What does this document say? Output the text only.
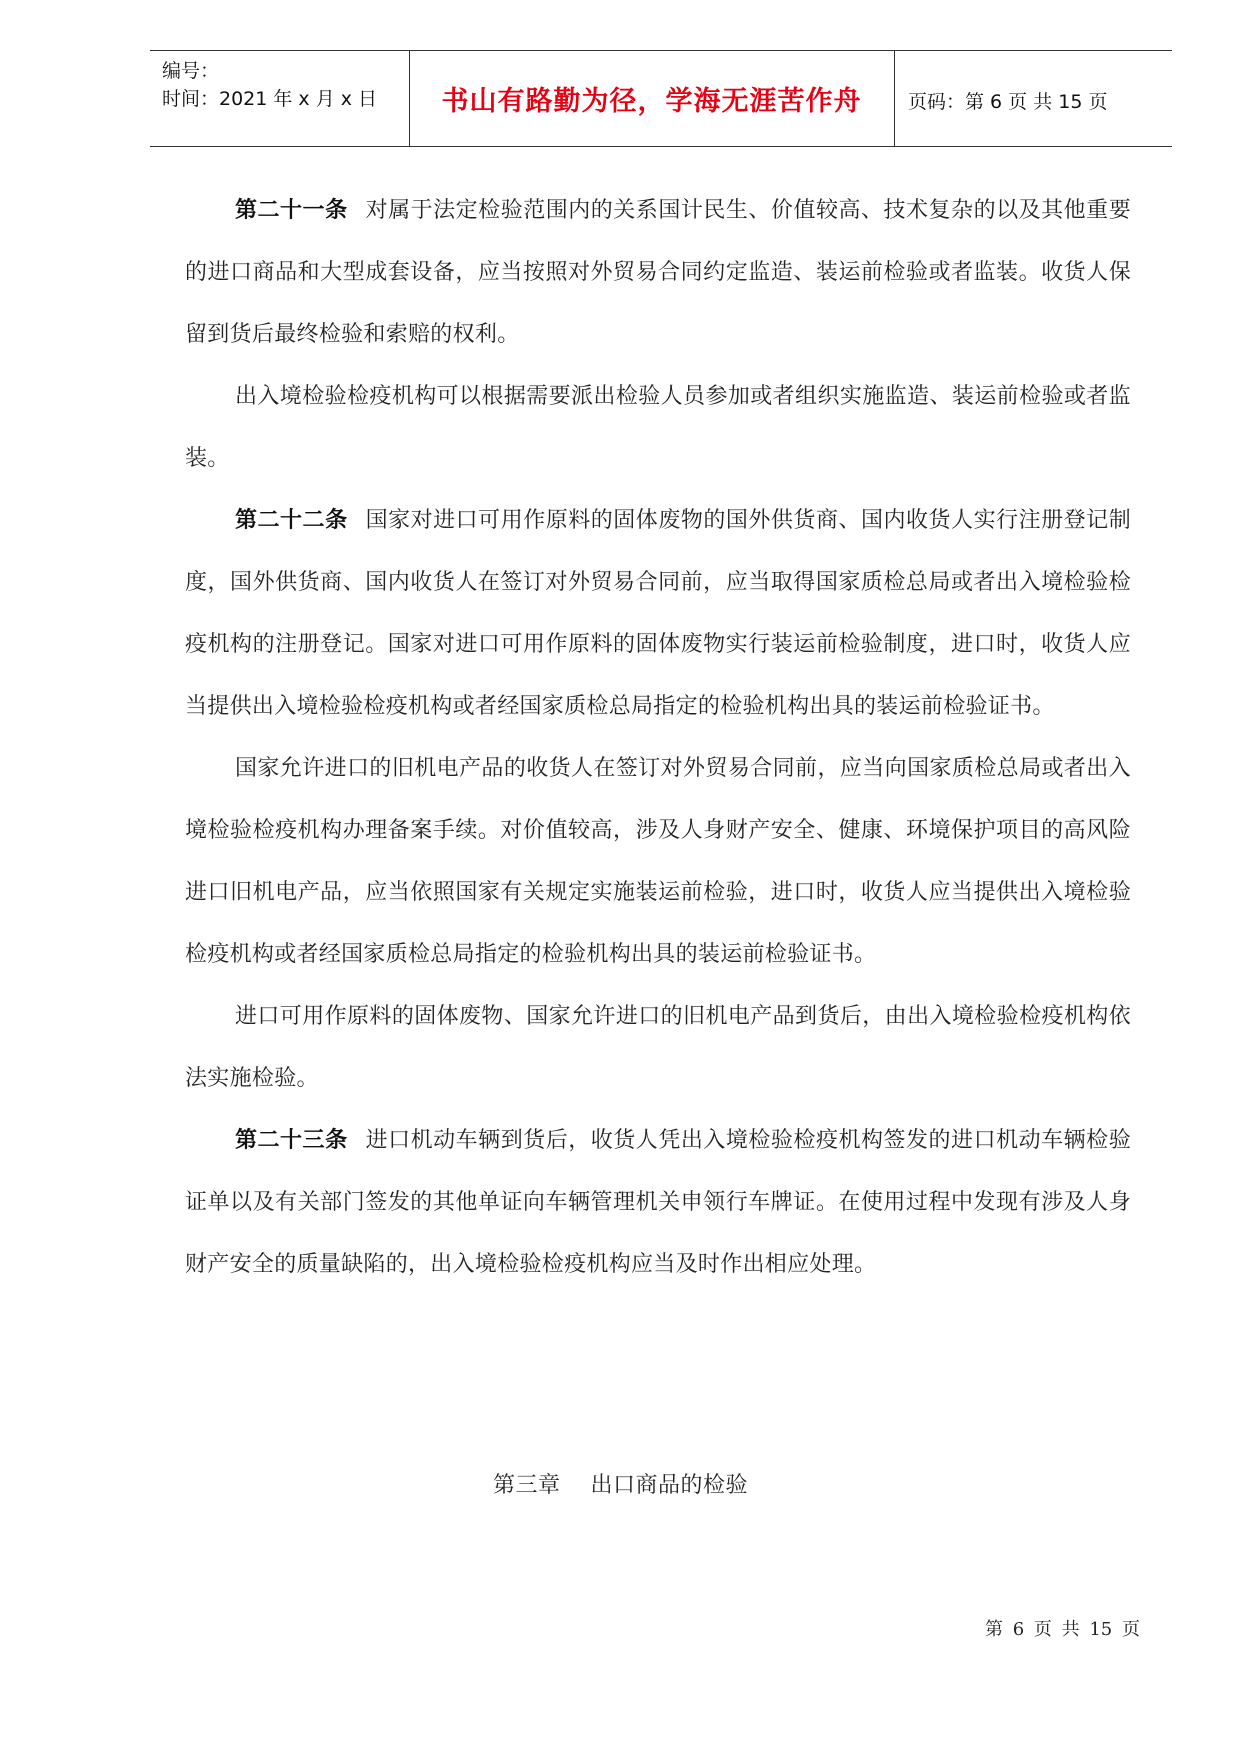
编号：
时间：2021 年 x 月 x 日	书山有路勤为径，学海无涯苦作舟	页码：第 6 页 共 15 页

第二十一条 对属于法定检验范围内的关系国计民生、价值较高、技术复杂的以及其他重要的进口商品和大型成套设备，应当按照对外贸易合同约定监造、装运前检验或者监装。收货人保留到货后最终检验和索赔的权利。

出入境检验检疫机构可以根据需要派出检验人员参加或者组织实施监造、装运前检验或者监装。

第二十二条 国家对进口可用作原料的固体废物的国外供货商、国内收货人实行注册登记制度，国外供货商、国内收货人在签订对外贸易合同前，应当取得国家质检总局或者出入境检验检疫机构的注册登记。国家对进口可用作原料的固体废物实行装运前检验制度，进口时，收货人应当提供出入境检验检疫机构或者经国家质检总局指定的检验机构出具的装运前检验证书。

国家允许进口的旧机电产品的收货人在签订对外贸易合同前，应当向国家质检总局或者出入境检验检疫机构办理备案手续。对价值较高，涉及人身财产安全、健康、环境保护项目的高风险进口旧机电产品，应当依照国家有关规定实施装运前检验，进口时，收货人应当提供出入境检验检疫机构或者经国家质检总局指定的检验机构出具的装运前检验证书。

进口可用作原料的固体废物、国家允许进口的旧机电产品到货后，由出入境检验检疫机构依法实施检验。

第二十三条 进口机动车辆到货后，收货人凭出入境检验检疫机构签发的进口机动车辆检验证单以及有关部门签发的其他单证向车辆管理机关申领行车牌证。在使用过程中发现有涉及人身财产安全的质量缺陷的，出入境检验检疫机构应当及时作出相应处理。

第三章    出口商品的检验
第 6 页 共 15 页
